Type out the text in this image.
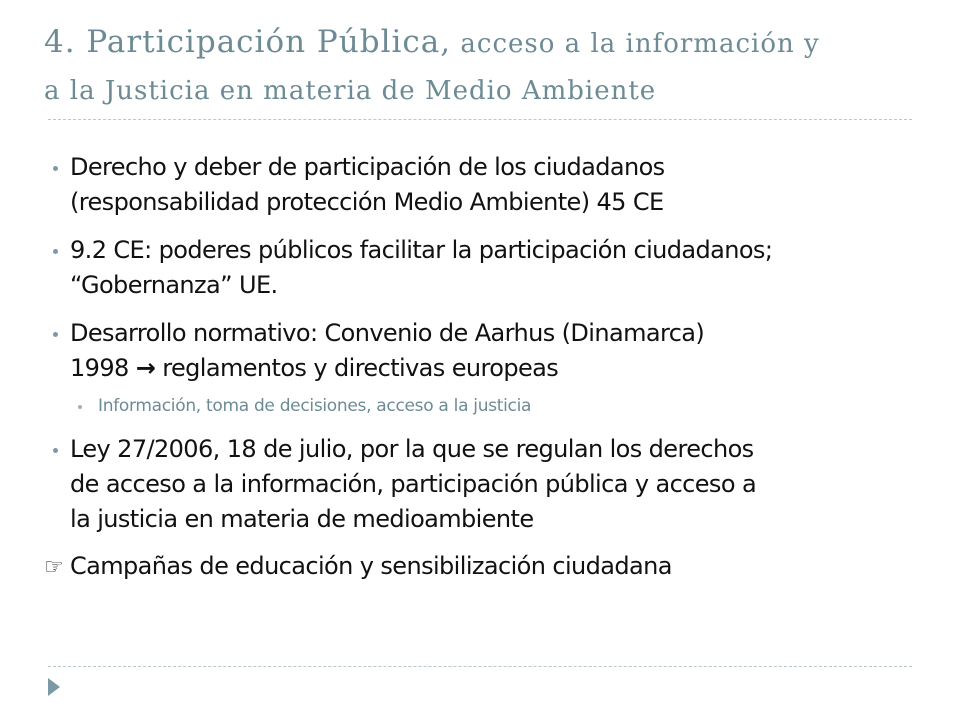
4. Participación Pública, acceso a la información y
a la Justicia en materia de Medio Ambiente
Derecho y deber de participación de los ciudadanos
(responsabilidad protección Medio Ambiente) 45 CE
9.2 CE: poderes públicos facilitar la participación ciudadanos;
“Gobernanza” UE.
Desarrollo normativo: Convenio de Aarhus (Dinamarca)
1998 → reglamentos y directivas europeas
Información, toma de decisiones, acceso a la justicia
Ley 27/2006, 18 de julio, por la que se regulan los derechos
de acceso a la información, participación pública y acceso a
la justicia en materia de medioambiente
☞ Campañas de educación y sensibilización ciudadana
